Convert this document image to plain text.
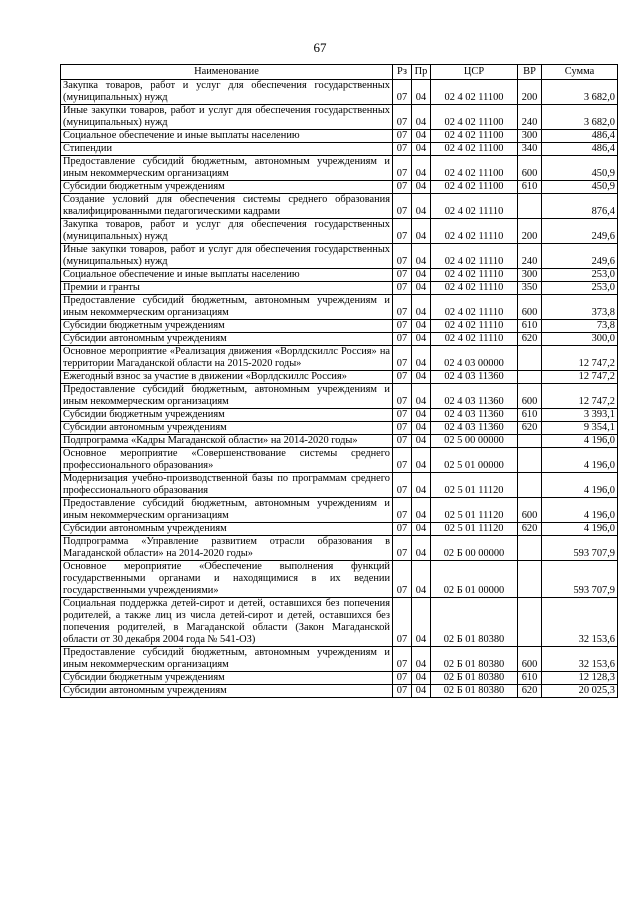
67
Наименование	Рз	Пр	ЦСР	ВР	Сумма
Закупка товаров, работ и услуг для обеспечения государственных (муниципальных) нужд	07	04	02 4 02 11100	200	3 682,0
Иные закупки товаров, работ и услуг для обеспечения государственных (муниципальных) нужд	07	04	02 4 02 11100	240	3 682,0
Социальное обеспечение и иные выплаты населению	07	04	02 4 02 11100	300	486,4
Стипендии	07	04	02 4 02 11100	340	486,4
Предоставление субсидий бюджетным, автономным учреждениям и иным некоммерческим организациям	07	04	02 4 02 11100	600	450,9
Субсидии бюджетным учреждениям	07	04	02 4 02 11100	610	450,9
Создание условий для обеспечения системы среднего образования квалифицированными педагогическими кадрами	07	04	02 4 02 11110		876,4
Закупка товаров, работ и услуг для обеспечения государственных (муниципальных) нужд	07	04	02 4 02 11110	200	249,6
Иные закупки товаров, работ и услуг для обеспечения государственных (муниципальных) нужд	07	04	02 4 02 11110	240	249,6
Социальное обеспечение и иные выплаты населению	07	04	02 4 02 11110	300	253,0
Премии и гранты	07	04	02 4 02 11110	350	253,0
Предоставление субсидий бюджетным, автономным учреждениям и иным некоммерческим организациям	07	04	02 4 02 11110	600	373,8
Субсидии бюджетным учреждениям	07	04	02 4 02 11110	610	73,8
Субсидии автономным учреждениям	07	04	02 4 02 11110	620	300,0
Основное мероприятие «Реализация движения «Ворлдскиллс Россия» на территории Магаданской области на 2015-2020 годы»	07	04	02 4 03 00000		12 747,2
Ежегодный взнос за участие в движении «Ворлдскиллс Россия»	07	04	02 4 03 11360		12 747,2
Предоставление субсидий бюджетным, автономным учреждениям и иным некоммерческим организациям	07	04	02 4 03 11360	600	12 747,2
Субсидии бюджетным учреждениям	07	04	02 4 03 11360	610	3 393,1
Субсидии автономным учреждениям	07	04	02 4 03 11360	620	9 354,1
Подпрограмма «Кадры Магаданской области» на 2014-2020 годы»	07	04	02 5 00 00000		4 196,0
Основное мероприятие «Совершенствование системы среднего профессионального образования»	07	04	02 5 01 00000		4 196,0
Модернизация учебно-производственной базы по программам среднего профессионального образования	07	04	02 5 01 11120		4 196,0
Предоставление субсидий бюджетным, автономным учреждениям и иным некоммерческим организациям	07	04	02 5 01 11120	600	4 196,0
Субсидии автономным учреждениям	07	04	02 5 01 11120	620	4 196,0
Подпрограмма «Управление развитием отрасли образования в Магаданской области» на 2014-2020 годы»	07	04	02 Б 00 00000		593 707,9
Основное мероприятие «Обеспечение выполнения функций государственными органами и находящимися в их ведении государственными учреждениями»	07	04	02 Б 01 00000		593 707,9
Социальная поддержка детей-сирот и детей, оставшихся без попечения родителей, а также лиц из числа детей-сирот и детей, оставшихся без попечения родителей, в Магаданской области (Закон Магаданской области от 30 декабря 2004 года № 541-ОЗ)	07	04	02 Б 01 80380		32 153,6
Предоставление субсидий бюджетным, автономным учреждениям и иным некоммерческим организациям	07	04	02 Б 01 80380	600	32 153,6
Субсидии бюджетным учреждениям	07	04	02 Б 01 80380	610	12 128,3
Субсидии автономным учреждениям	07	04	02 Б 01 80380	620	20 025,3
